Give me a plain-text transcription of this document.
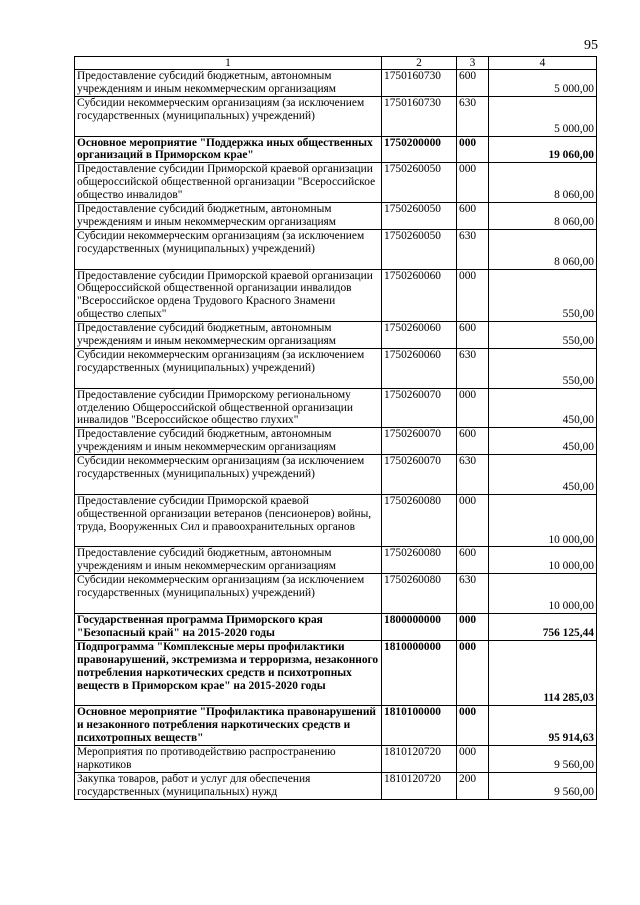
95
1	2	3	4
Предоставление субсидий бюджетным, автономным учреждениям и иным некоммерческим организациям	1750160730	600	5 000,00
Субсидии некоммерческим организациям (за исключением государственных (муниципальных) учреждений)	1750160730	630	5 000,00
Основное мероприятие "Поддержка иных общественных организаций в Приморском крае"	1750200000	000	19 060,00
Предоставление субсидии Приморской краевой организации общероссийской общественной организации "Всероссийское общество инвалидов"	1750260050	000	8 060,00
Предоставление субсидий бюджетным, автономным учреждениям и иным некоммерческим организациям	1750260050	600	8 060,00
Субсидии некоммерческим организациям (за исключением государственных (муниципальных) учреждений)	1750260050	630	8 060,00
Предоставление субсидии Приморской краевой организации Общероссийской общественной организации инвалидов "Всероссийское ордена Трудового Красного Знамени общество слепых"	1750260060	000	550,00
Предоставление субсидий бюджетным, автономным учреждениям и иным некоммерческим организациям	1750260060	600	550,00
Субсидии некоммерческим организациям (за исключением государственных (муниципальных) учреждений)	1750260060	630	550,00
Предоставление субсидии Приморскому региональному отделению Общероссийской общественной организации инвалидов "Всероссийское общество глухих"	1750260070	000	450,00
Предоставление субсидий бюджетным, автономным учреждениям и иным некоммерческим организациям	1750260070	600	450,00
Субсидии некоммерческим организациям (за исключением государственных (муниципальных) учреждений)	1750260070	630	450,00
Предоставление субсидии Приморской краевой общественной организации ветеранов (пенсионеров) войны, труда, Вооруженных Сил и правоохранительных органов	1750260080	000	10 000,00
Предоставление субсидий бюджетным, автономным учреждениям и иным некоммерческим организациям	1750260080	600	10 000,00
Субсидии некоммерческим организациям (за исключением государственных (муниципальных) учреждений)	1750260080	630	10 000,00
Государственная программа Приморского края "Безопасный край" на 2015-2020 годы	1800000000	000	756 125,44
Подпрограмма "Комплексные меры профилактики правонарушений, экстремизма и терроризма, незаконного потребления наркотических средств и психотропных веществ в Приморском крае" на 2015-2020 годы	1810000000	000	114 285,03
Основное мероприятие "Профилактика правонарушений и незаконного потребления наркотических средств и психотропных веществ"	1810100000	000	95 914,63
Мероприятия по противодействию распространению наркотиков	1810120720	000	9 560,00
Закупка товаров, работ и услуг для обеспечения государственных (муниципальных) нужд	1810120720	200	9 560,00
